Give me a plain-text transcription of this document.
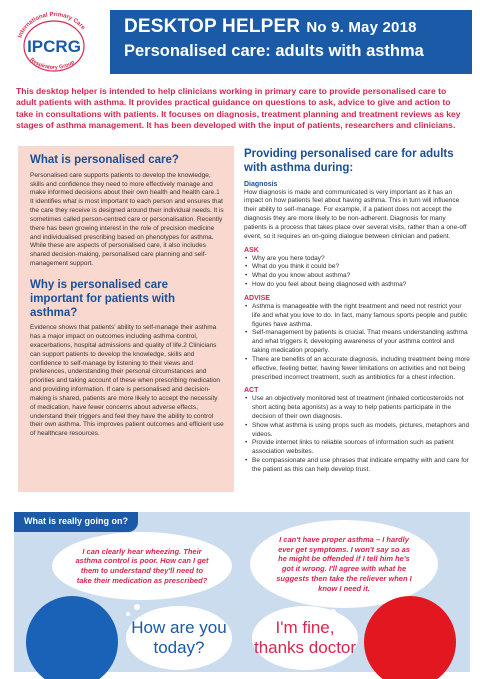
International Primary Care
Respiratory Group
IPCRG
DESKTOP HELPER No 9. May 2018
Personalised care: adults with asthma
This desktop helper is intended to help clinicians working in primary care to provide personalised care to adult patients with asthma. It provides practical guidance on questions to ask, advice to give and action to take in consultations with patients. It focuses on diagnosis, treatment planning and treatment reviews as key stages of asthma management. It has been developed with the input of patients, researchers and clinicians.
What is personalised care?
Personalised care supports patients to develop the knowledge, skills and confidence they need to more effectively manage and make informed decisions about their own health and health care.1 It identifies what is most important to each person and ensures that the care they receive is designed around their individual needs. It is sometimes called person-centred care or personalisation. Recently there has been growing interest in the role of precision medicine and individualised prescribing based on phenotypes for asthma. While these are aspects of personalised care, it also includes shared decision-making, personalised care planning and self-management support.
Why is personalised care important for patients with asthma?
Evidence shows that patients' ability to self-manage their asthma has a major impact on outcomes including asthma control, exacerbations, hospital admissions and quality of life.2 Clinicians can support patients to develop the knowledge, skills and confidence to self-manage by listening to their views and preferences, understanding their personal circumstances and priorities and taking account of these when prescribing medication and providing information. If care is personalised and decision-making is shared, patients are more likely to accept the necessity of medication, have fewer concerns about adverse effects, understand their triggers and feel they have the ability to control their own asthma. This improves patient outcomes and efficient use of healthcare resources.
Providing personalised care for adults with asthma during:
Diagnosis
How diagnosis is made and communicated is very important as it has an impact on how patients feel about having asthma. This in turn will influence their ability to self-manage. For example, if a patient does not accept the diagnosis they are more likely to be non-adherent. Diagnosis for many patients is a process that takes place over several visits, rather than a one-off event, so it requires an on-going dialogue between clinician and patient.
ASK
• Why are you here today?
• What do you think it could be?
• What do you know about asthma?
• How do you feel about being diagnosed with asthma?
ADVISE
• Asthma is manageable with the right treatment and need not restrict your life and what you love to do. In fact, many famous sports people and public figures have asthma.
• Self-management by patients is crucial. That means understanding asthma and what triggers it, developing awareness of your asthma control and taking medication properly.
• There are benefits of an accurate diagnosis, including treatment being more effective, feeling better, having fewer limitations on activities and not being prescribed incorrect treatment, such as antibiotics for a chest infection.
ACT
• Use an objectively monitored test of treatment (inhaled corticosteroids not short acting beta agonists) as a way to help patients participate in the decision of their own diagnosis.
• Show what asthma is using props such as models, pictures, metaphors and videos.
• Provide internet links to reliable sources of information such as patient association websites.
• Be compassionate and use phrases that indicate empathy with and care for the patient as this can help develop trust.
What is really going on?
I can clearly hear wheezing. Their asthma control is poor. How can I get them to understand they'll need to take their medication as prescribed?
I can't have proper asthma – I hardly ever get symptoms. I won't say so as he might be offended if I tell him he's got it wrong. I'll agree with what he suggests then take the reliever when I know I need it.
How are you today?
I'm fine, thanks doctor
